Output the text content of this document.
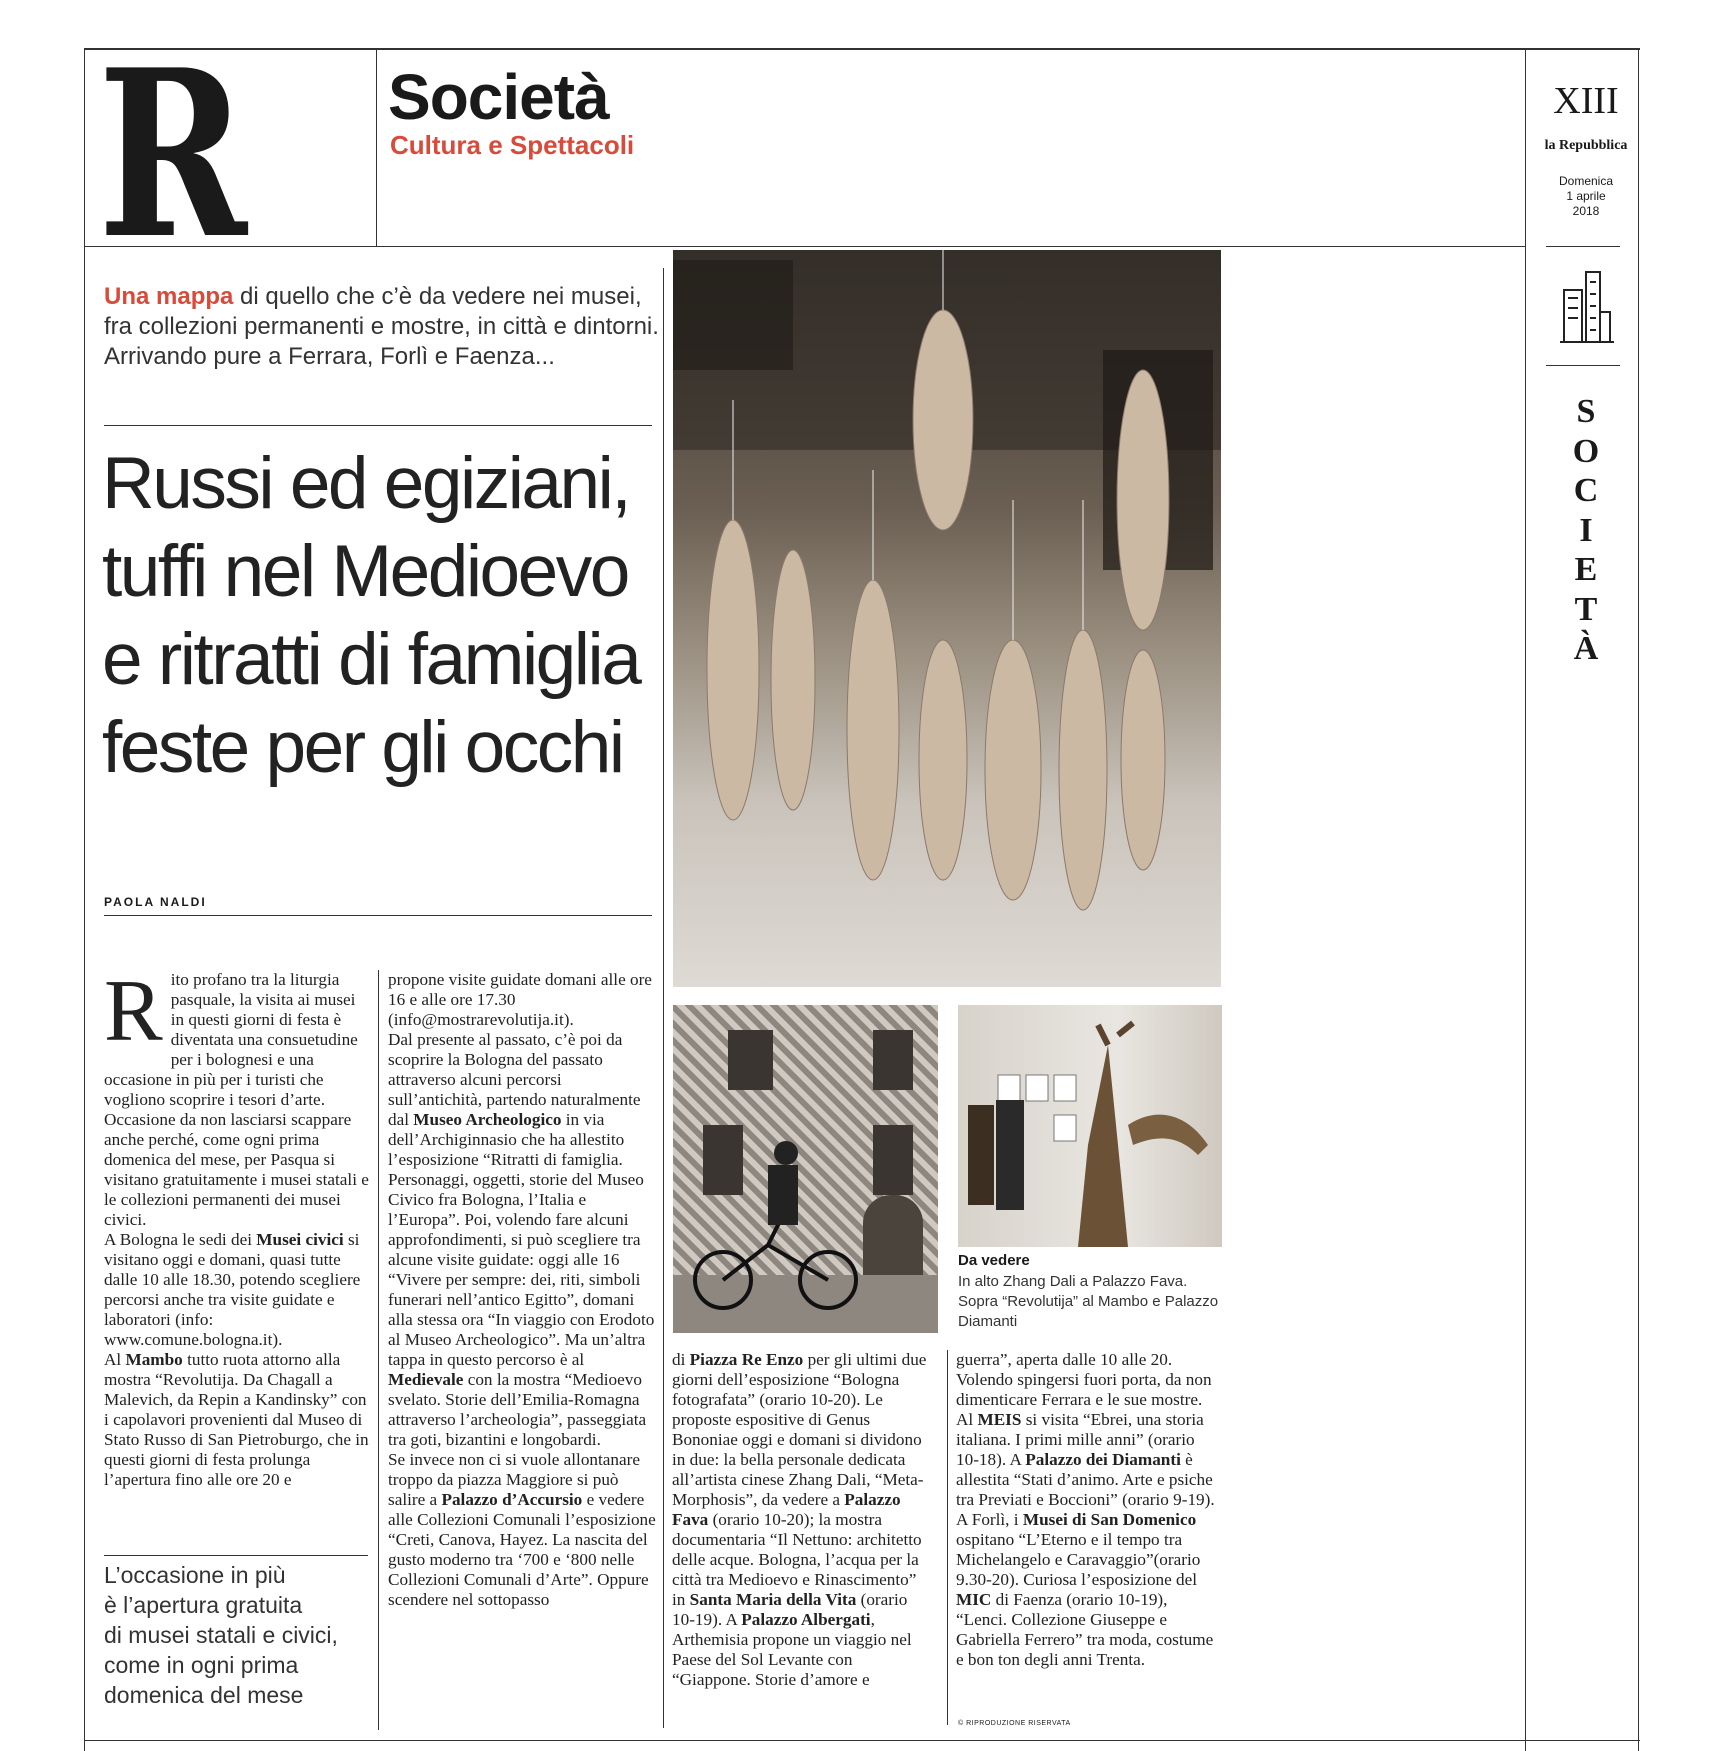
R Società
Cultura e Spettacoli
XIII
la Repubblica
Domenica
1 aprile
2018
S
O
C
I
E
T
À
Una mappa di quello che c’è da vedere nei musei, fra collezioni permanenti e mostre, in città e dintorni. Arrivando pure a Ferrara, Forlì e Faenza...
Russi ed egiziani,
tuffi nel Medioevo
e ritratti di famiglia
feste per gli occhi
PAOLA NALDI
R ito profano tra la liturgia pasquale, la visita ai musei in questi giorni di festa è diventata una consuetudine per i bolognesi e una occasione in più per i turisti che vogliono scoprire i tesori d’arte. Occasione da non lasciarsi scappare anche perché, come ogni prima domenica del mese, per Pasqua si visitano gratuitamente i musei statali e le collezioni permanenti dei musei civici.

A Bologna le sedi dei Musei civici si visitano oggi e domani, quasi tutte dalle 10 alle 18.30, potendo scegliere percorsi anche tra visite guidate e laboratori (info: www.comune.bologna.it).

Al Mambo tutto ruota attorno alla mostra “Revolutija. Da Chagall a Malevich, da Repin a Kandinsky” con i capolavori provenienti dal Museo di Stato Russo di San Pietroburgo, che in questi giorni di festa prolunga l’apertura fino alle ore 20 e

L’occasione in più
è l’apertura gratuita
di musei statali e civici,
come in ogni prima
domenica del mese

propone visite guidate domani alle ore 16 e alle ore 17.30 (info@mostrarevolutija.it).

Dal presente al passato, c’è poi da scoprire la Bologna del passato attraverso alcuni percorsi sull’antichità, partendo naturalmente dal Museo Archeologico in via dell’Archiginnasio che ha allestito l’esposizione “Ritratti di famiglia. Personaggi, oggetti, storie del Museo Civico fra Bologna, l’Italia e l’Europa”. Poi, volendo fare alcuni approfondimenti, si può scegliere tra alcune visite guidate: oggi alle 16 “Vivere per sempre: dei, riti, simboli funerari nell’antico Egitto”, domani alla stessa ora “In viaggio con Erodoto al Museo Archeologico”. Ma un’altra tappa in questo percorso è al Medievale con la mostra “Medioevo svelato. Storie dell’Emilia-Romagna attraverso l’archeologia”, passeggiata tra goti, bizantini e longobardi.

Se invece non ci si vuole allontanare troppo da piazza Maggiore si può salire a Palazzo d’Accursio e vedere alle Collezioni Comunali l’esposizione “Creti, Canova, Hayez. La nascita del gusto moderno tra ‘700 e ‘800 nelle Collezioni Comunali d’Arte”. Oppure scendere nel sottopasso

Da vedere
In alto Zhang Dali a Palazzo Fava. Sopra “Revolutija” al Mambo e Palazzo Diamanti

di Piazza Re Enzo per gli ultimi due giorni dell’esposizione “Bologna fotografata” (orario 10-20). Le proposte espositive di Genus Bononiae oggi e domani si dividono in due: la bella personale dedicata all’artista cinese Zhang Dali, “Meta-Morphosis”, da vedere a Palazzo Fava (orario 10-20); la mostra documentaria “Il Nettuno: architetto delle acque. Bologna, l’acqua per la città tra Medioevo e Rinascimento” in Santa Maria della Vita (orario 10-19). A Palazzo Albergati, Arthemisia propone un viaggio nel Paese del Sol Levante con “Giappone. Storie d’amore e

guerra”, aperta dalle 10 alle 20. Volendo spingersi fuori porta, da non dimenticare Ferrara e le sue mostre. Al MEIS si visita “Ebrei, una storia italiana. I primi mille anni” (orario 10-18). A Palazzo dei Diamanti è allestita “Stati d’animo. Arte e psiche tra Previati e Boccioni” (orario 9-19). A Forlì, i Musei di San Domenico ospitano “L’Eterno e il tempo tra Michelangelo e Caravaggio”(orario 9.30-20). Curiosa l’esposizione del MIC di Faenza (orario 10-19), “Lenci. Collezione Giuseppe e Gabriella Ferrero” tra moda, costume e bon ton degli anni Trenta.

© RIPRODUZIONE RISERVATA
